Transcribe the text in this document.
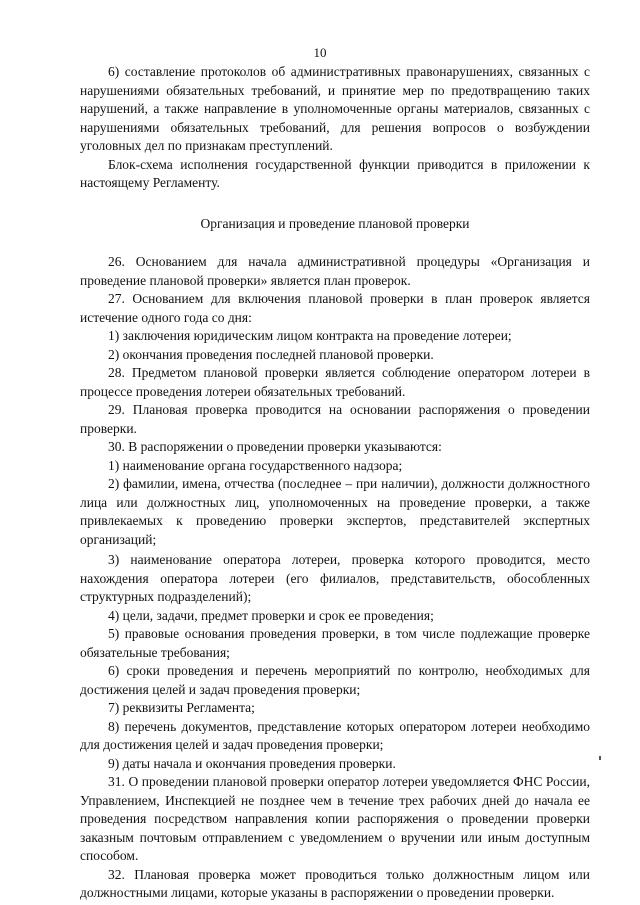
10

6) составление протоколов об административных правонарушениях, связанных с нарушениями обязательных требований, и принятие мер по предотвращению таких нарушений, а также направление в уполномоченные органы материалов, связанных с нарушениями обязательных требований, для решения вопросов о возбуждении уголовных дел по признакам преступлений.

Блок-схема исполнения государственной функции приводится в приложении к настоящему Регламенту.

Организация и проведение плановой проверки

26. Основанием для начала административной процедуры «Организация и проведение плановой проверки» является план проверок.

27. Основанием для включения плановой проверки в план проверок является истечение одного года со дня:

1) заключения юридическим лицом контракта на проведение лотереи;

2) окончания проведения последней плановой проверки.

28. Предметом плановой проверки является соблюдение оператором лотереи в процессе проведения лотереи обязательных требований.

29. Плановая проверка проводится на основании распоряжения о проведении проверки.

30. В распоряжении о проведении проверки указываются:

1) наименование органа государственного надзора;

2) фамилии, имена, отчества (последнее – при наличии), должности должностного лица или должностных лиц, уполномоченных на проведение проверки, а также привлекаемых к проведению проверки экспертов, представителей экспертных организаций;

3) наименование оператора лотереи, проверка которого проводится, место нахождения оператора лотереи (его филиалов, представительств, обособленных структурных подразделений);

4) цели, задачи, предмет проверки и срок ее проведения;

5) правовые основания проведения проверки, в том числе подлежащие проверке обязательные требования;

6) сроки проведения и перечень мероприятий по контролю, необходимых для достижения целей и задач проведения проверки;

7) реквизиты Регламента;

8) перечень документов, представление которых оператором лотереи необходимо для достижения целей и задач проведения проверки;

9) даты начала и окончания проведения проверки.

31. О проведении плановой проверки оператор лотереи уведомляется ФНС России, Управлением, Инспекцией не позднее чем в течение трех рабочих дней до начала ее проведения посредством направления копии распоряжения о проведении проверки заказным почтовым отправлением с уведомлением о вручении или иным доступным способом.

32. Плановая проверка может проводиться только должностным лицом или должностными лицами, которые указаны в распоряжении о проведении проверки.
